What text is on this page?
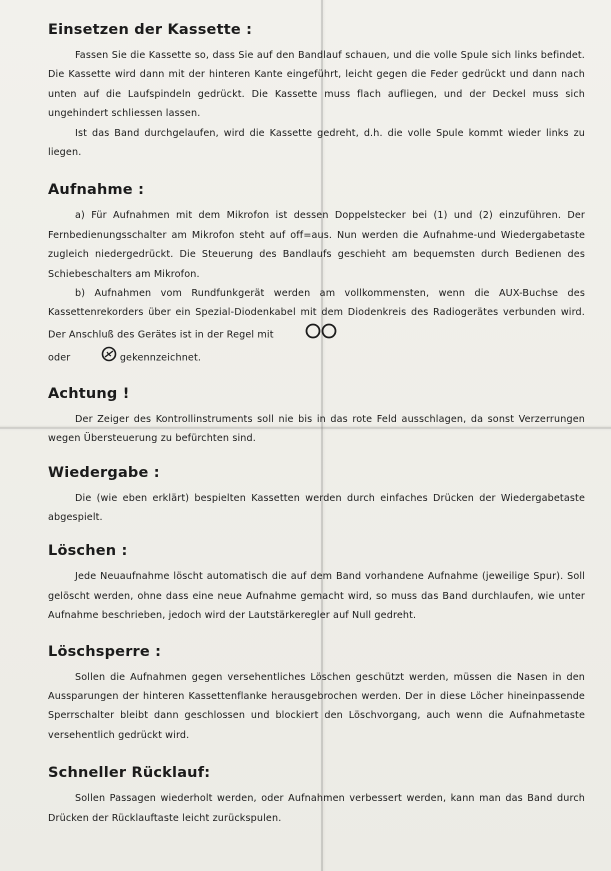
Einsetzen der Kassette :

Fassen Sie die Kassette so, dass Sie auf den Bandlauf schauen, und die volle Spule sich links befindet. Die Kassette wird dann mit der hinteren Kante eingeführt, leicht gegen die Feder gedrückt und dann nach unten auf die Laufspindeln gedrückt. Die Kassette muss flach aufliegen, und der Deckel muss sich ungehindert schliessen lassen.

Ist das Band durchgelaufen, wird die Kassette gedreht, d.h. die volle Spule kommt wieder links zu liegen.

Aufnahme :

a) Für Aufnahmen mit dem Mikrofon ist dessen Doppelstecker bei (1) und (2) einzuführen. Der Fernbedienungsschalter am Mikrofon steht auf off=aus. Nun werden die Aufnahme-und Wiedergabetaste zugleich niedergedrückt. Die Steuerung des Bandlaufs geschieht am bequemsten durch Bedienen des Schiebeschalters am Mikrofon.

b) Aufnahmen vom Rundfunkgerät werden am vollkommensten, wenn die AUX-Buchse des Kassettenrekorders über ein Spezial-Diodenkabel mit dem Diodenkreis des Radiogerätes verbunden wird. Der Anschluß des Gerätes ist in der Regel mit
oder	gekennzeichnet.

Achtung !

Der Zeiger des Kontrollinstruments soll nie bis in das rote Feld ausschlagen, da sonst Verzerrungen wegen Übersteuerung zu befürchten sind.

Wiedergabe :

Die (wie eben erklärt) bespielten Kassetten werden durch einfaches Drücken der Wiedergabetaste abgespielt.

Löschen :

Jede Neuaufnahme löscht automatisch die auf dem Band vorhandene Aufnahme (jeweilige Spur). Soll gelöscht werden, ohne dass eine neue Aufnahme gemacht wird, so muss das Band durchlaufen, wie unter Aufnahme beschrieben, jedoch wird der Lautstärkeregler auf Null gedreht.

Löschsperre :

Sollen die Aufnahmen gegen versehentliches Löschen geschützt werden, müssen die Nasen in den Aussparungen der hinteren Kassettenflanke herausgebrochen werden. Der in diese Löcher hineinpassende Sperrschalter bleibt dann geschlossen und blockiert den Löschvorgang, auch wenn die Aufnahmetaste versehentlich gedrückt wird.

Schneller Rücklauf:

Sollen Passagen wiederholt werden, oder Aufnahmen verbessert werden, kann man das Band durch Drücken der Rücklauftaste leicht zurückspulen.
